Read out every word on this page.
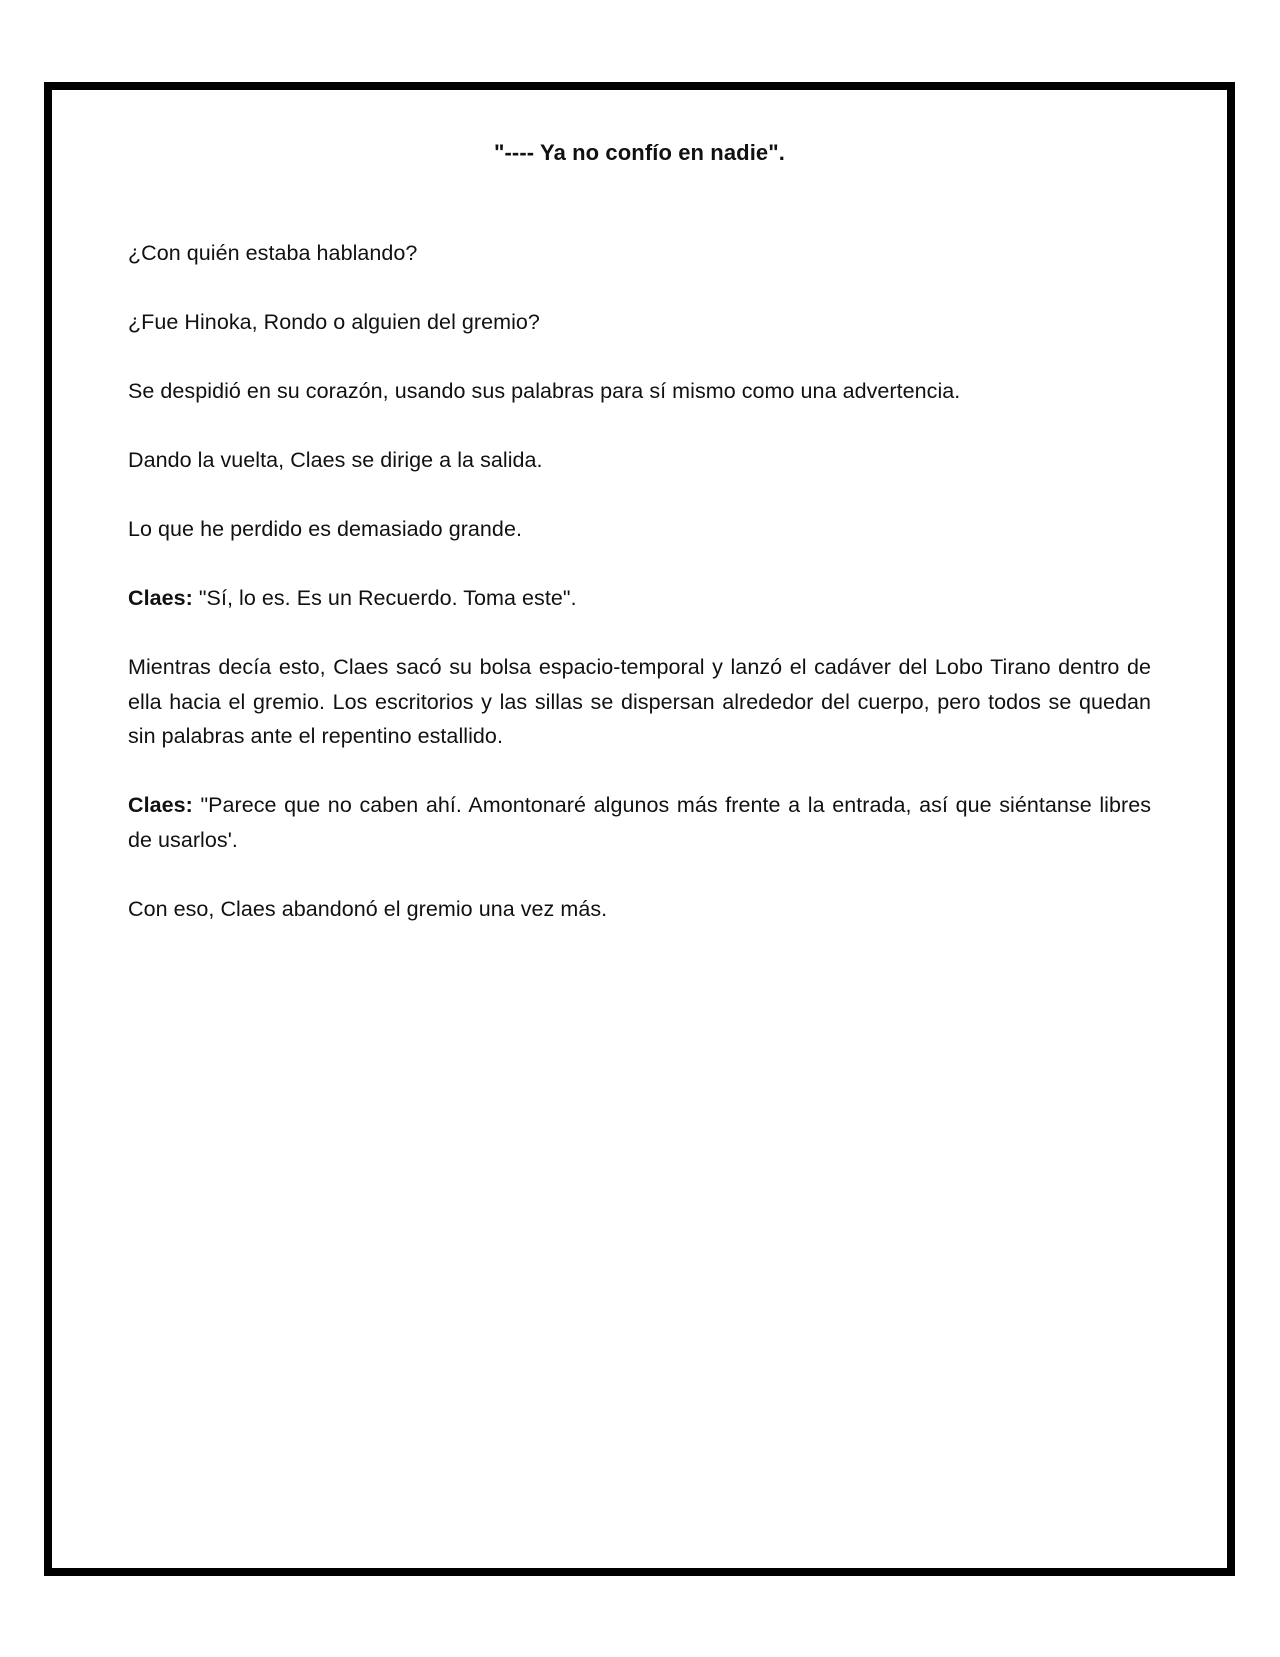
"---- Ya no confío en nadie".

¿Con quién estaba hablando?

¿Fue Hinoka, Rondo o alguien del gremio?

Se despidió en su corazón, usando sus palabras para sí mismo como una advertencia.

Dando la vuelta, Claes se dirige a la salida.

Lo que he perdido es demasiado grande.

Claes: "Sí, lo es. Es un Recuerdo. Toma este".

Mientras decía esto, Claes sacó su bolsa espacio-temporal y lanzó el cadáver del Lobo Tirano dentro de ella hacia el gremio. Los escritorios y las sillas se dispersan alrededor del cuerpo, pero todos se quedan sin palabras ante el repentino estallido.

Claes: "Parece que no caben ahí. Amontonaré algunos más frente a la entrada, así que siéntanse libres de usarlos'.

Con eso, Claes abandonó el gremio una vez más.
